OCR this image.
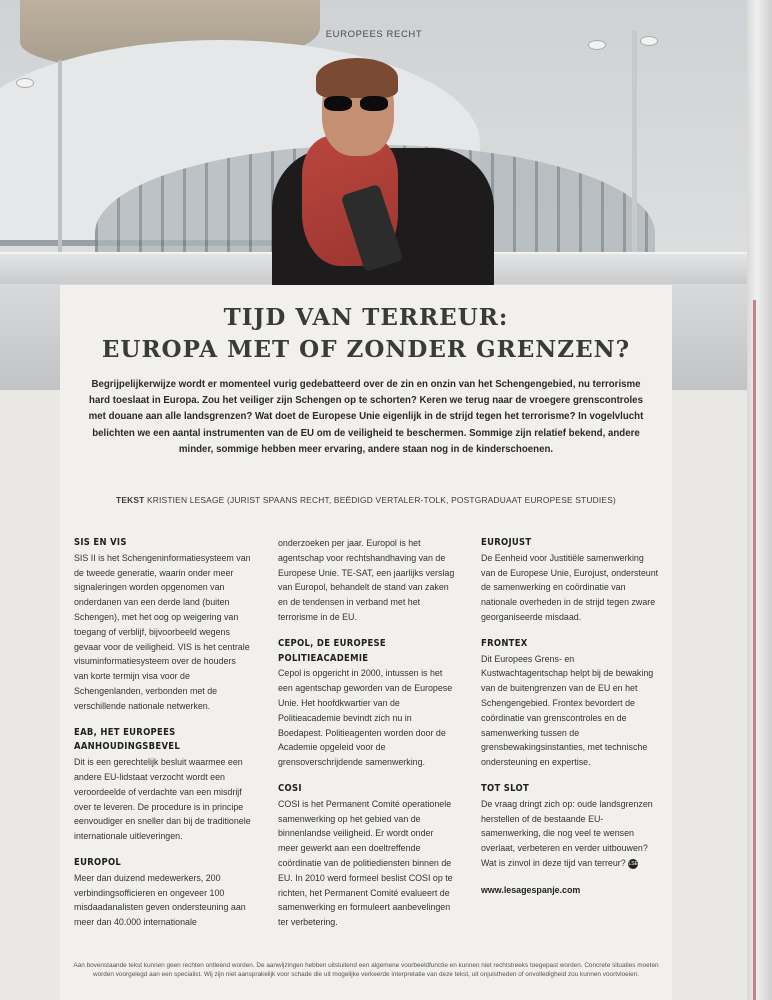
EUROPEES RECHT
TIJD VAN TERREUR:
EUROPA MET OF ZONDER GRENZEN?
Begrijpelijkerwijze wordt er momenteel vurig gedebatteerd over de zin en onzin van het Schengengebied, nu terrorisme hard toeslaat in Europa. Zou het veiliger zijn Schengen op te schorten? Keren we terug naar de vroegere grenscontroles met douane aan alle landsgrenzen? Wat doet de Europese Unie eigenlijk in de strijd tegen het terrorisme? In vogelvlucht belichten we een aantal instrumenten van de EU om de veiligheid te beschermen. Sommige zijn relatief bekend, andere minder, sommige hebben meer ervaring, andere staan nog in de kinderschoenen.
TEKST KRISTIEN LESAGE (JURIST SPAANS RECHT, BEËDIGD VERTALER-TOLK, POSTGRADUAAT EUROPESE STUDIES)
SIS EN VIS

SIS II is het Schengeninformatiesysteem van de tweede generatie, waarin onder meer signaleringen worden opgenomen van onderdanen van een derde land (buiten Schengen), met het oog op weigering van toegang of verblijf, bijvoorbeeld wegens gevaar voor de veiligheid. VIS is het centrale visuminformatiesysteem over de houders van korte termijn visa voor de Schengenlanden, verbonden met de verschillende nationale netwerken.

EAB, HET EUROPEES AANHOUDINGSBEVEL

Dit is een gerechtelijk besluit waarmee een andere EU-lidstaat verzocht wordt een veroordeelde of verdachte van een misdrijf over te leveren. De procedure is in principe eenvoudiger en sneller dan bij de traditionele internationale uitleveringen.

EUROPOL

Meer dan duizend medewerkers, 200 verbindingsofficieren en ongeveer 100 misdaadanalisten geven ondersteuning aan meer dan 40.000 internationale

onderzoeken per jaar. Europol is het agentschap voor rechtshandhaving van de Europese Unie. TE-SAT, een jaarlijks verslag van Europol, behandelt de stand van zaken en de tendensen in verband met het terrorisme in de EU.

CEPOL, DE EUROPESE POLITIEACADEMIE

Cepol is opgericht in 2000, intussen is het een agentschap geworden van de Europese Unie. Het hoofdkwartier van de Politieacademie bevindt zich nu in Boedapest. Politieagenten worden door de Academie opgeleid voor de grensoverschrijdende samenwerking.

COSI

COSI is het Permanent Comité operationele samenwerking op het gebied van de binnenlandse veiligheid. Er wordt onder meer gewerkt aan een doeltreffende coördinatie van de politiediensten binnen de EU. In 2010 werd formeel beslist COSI op te richten, het Permanent Comité evalueert de samenwerking en formuleert aanbevelingen ter verbetering.

EUROJUST

De Eenheid voor Justitiële samenwerking van de Europese Unie, Eurojust, ondersteunt de samenwerking en coördinatie van nationale overheden in de strijd tegen zware georganiseerde misdaad.

FRONTEX

Dit Europees Grens- en Kustwachtagentschap helpt bij de bewaking van de buitengrenzen van de EU en het Schengengebied. Frontex bevordert de coördinatie van grenscontroles en de samenwerking tussen de grensbewakingsinstanties, met technische ondersteuning en expertise.

TOT SLOT

De vraag dringt zich op: oude landsgrenzen herstellen of de bestaande EU-samenwerking, die nog veel te wensen overlaat, verbeteren en verder uitbouwen? Wat is zinvol in deze tijd van terreur? LSE

www.lesagespanje.com
Aan bovenstaande tekst kunnen geen rechten ontleend worden. De aanwijzingen hebben uitsluitend een algemene voorbeeldfunctie en kunnen niet rechtstreeks toegepast worden. Concrete situaties moeten worden voorgelegd aan een specialist. Wij zijn niet aansprakelijk voor schade die uit mogelijke verkeerde interpretatie van deze tekst, uit onjuistheden of onvolledigheid zou kunnen voortvloeien.
